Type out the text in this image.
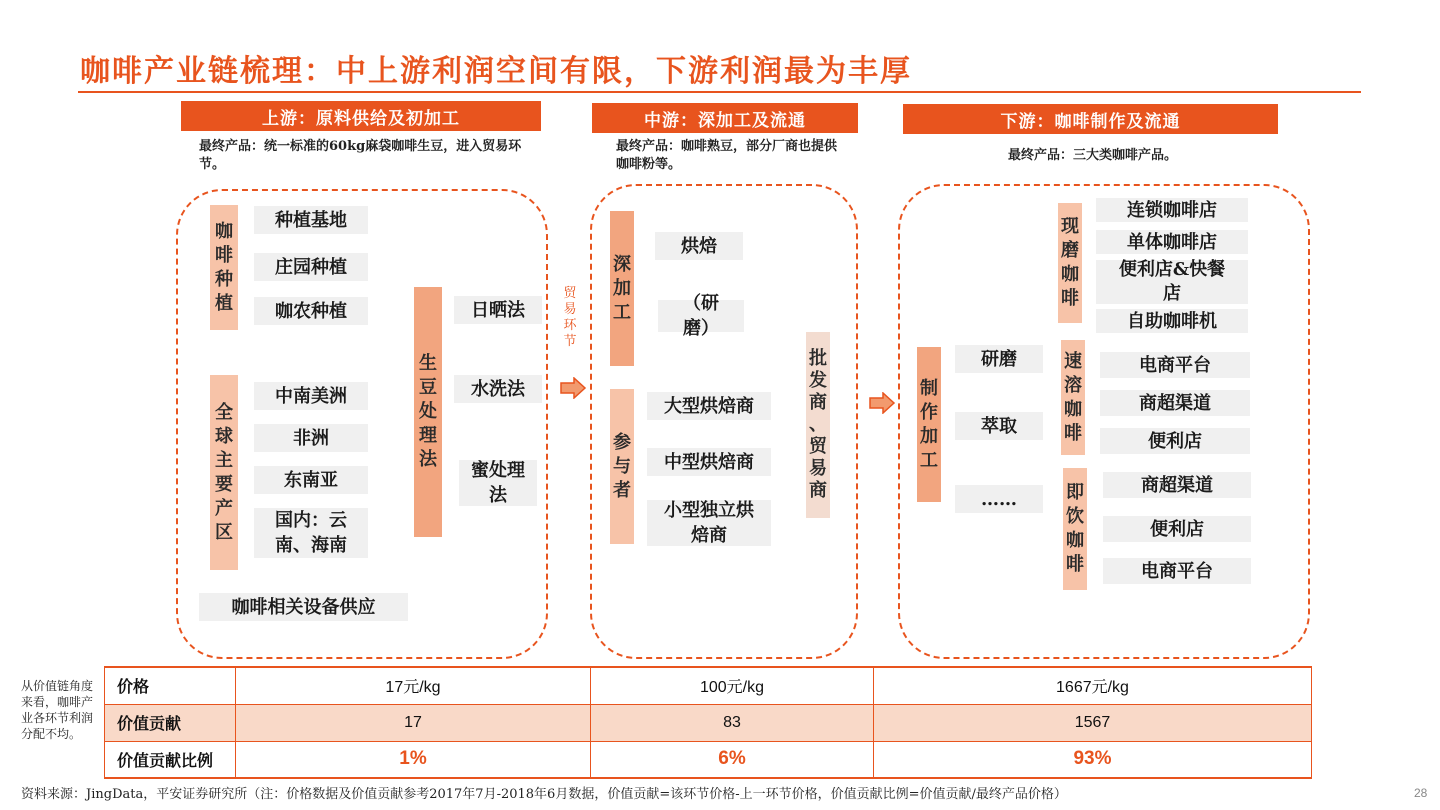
咖啡产业链梳理：中上游利润空间有限，下游利润最为丰厚
上游：原料供给及初加工	中游：深加工及流通	下游：咖啡制作及流通
最终产品：统一标准的60kg麻袋咖啡生豆，进入贸易环节。
最终产品：咖啡熟豆，部分厂商也提供咖啡粉等。
最终产品：三大类咖啡产品。
咖
啡
种
植
种植基地
庄园种植
咖农种植
全
球
主
要
产
区
中南美洲
非洲
东南亚
国内：云南、海南
生
豆
处
理
法
日晒法
水洗法
蜜处理法
咖啡相关设备供应
贸
易
环
节
深
加
工
烘焙
（研磨）
参
与
者
大型烘焙商
中型烘焙商
小型独立烘焙商
批
发
商
、
贸
易
商
制
作
加
工
研磨
萃取
……
现
磨
咖
啡
连锁咖啡店
单体咖啡店
便利店&快餐店
自助咖啡机
速
溶
咖
啡
电商平台
商超渠道
便利店
即
饮
咖
啡
商超渠道
便利店
电商平台
从价值链角度来看，咖啡产业各环节利润分配不均。
价格	17元/kg	100元/kg	1667元/kg
价值贡献	17	83	1567
价值贡献比例	1%	6%	93%
资料来源：JingData，平安证券研究所（注：价格数据及价值贡献参考2017年7月-2018年6月数据，价值贡献=该环节价格-上一环节价格，价值贡献比例=价值贡献/最终产品价格）	28
